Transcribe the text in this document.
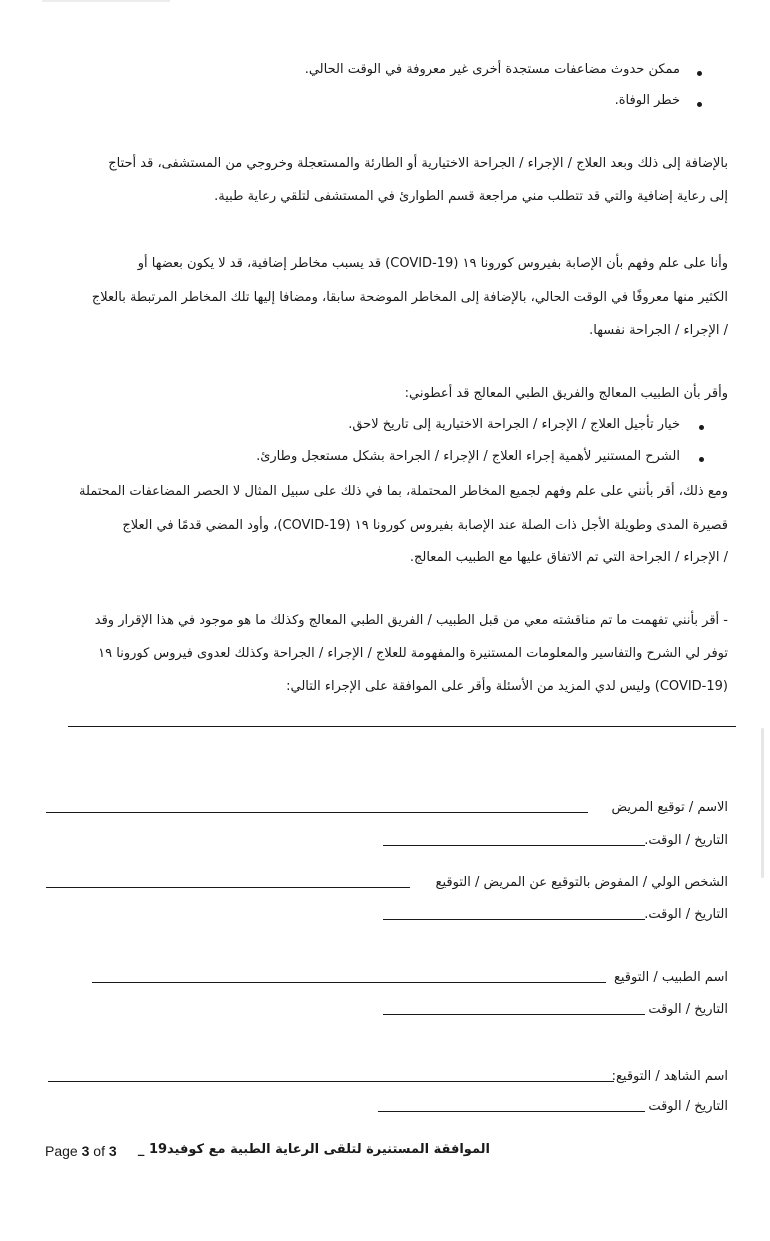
ممكن حدوث مضاعفات مستجدة أخرى غير معروفة في الوقت الحالي.
خطر الوفاة.
بالإضافة إلى ذلك وبعد العلاج / الإجراء / الجراحة الاختيارية أو الطارئة والمستعجلة وخروجي من المستشفى، قد أحتاج
إلى رعاية إضافية والتي قد تتطلب مني مراجعة قسم الطوارئ في المستشفى لتلقي رعاية طبية.
وأنا على علم وفهم بأن الإصابة بفيروس كورونا ١٩ (COVID-19) قد يسبب مخاطر إضافية، قد لا يكون بعضها أو
الكثير منها معروفًا في الوقت الحالي، بالإضافة إلى المخاطر الموضحة سابقا، ومضافا إليها تلك المخاطر المرتبطة بالعلاج
/ الإجراء / الجراحة نفسها.
وأقر بأن الطبيب المعالج والفريق الطبي المعالج قد أعطوني:
خيار تأجيل العلاج / الإجراء / الجراحة الاختيارية إلى تاريخ لاحق.
الشرح المستنير لأهمية إجراء العلاج / الإجراء / الجراحة بشكل مستعجل وطارئ.
ومع ذلك، أقر بأنني على علم وفهم لجميع المخاطر المحتملة، بما في ذلك على سبيل المثال لا الحصر المضاعفات المحتملة
قصيرة المدى وطويلة الأجل ذات الصلة عند الإصابة بفيروس كورونا ١٩ (COVID-19)، وأود المضي قدمًا في العلاج
/ الإجراء / الجراحة التي تم الاتفاق عليها مع الطبيب المعالج.
- أقر بأنني تفهمت ما تم مناقشته معي من قبل الطبيب / الفريق الطبي المعالج وكذلك ما هو موجود في هذا الإقرار وقد
توفر لي الشرح والتفاسير والمعلومات المستنيرة والمفهومة للعلاج / الإجراء / الجراحة وكذلك لعدوى فيروس كورونا ١٩
(COVID-19) وليس لدي المزيد من الأسئلة وأقر على الموافقة على الإجراء التالي:
الاسم / توقيع المريض
التاريخ / الوقت.
الشخص الولي / المفوض بالتوقيع عن المريض / التوقيع
التاريخ / الوقت.
اسم الطبيب / التوقيع
التاريخ / الوقت
اسم الشاهد / التوقيع:
التاريخ / الوقت
Page 3 of 3 الموافقة المستنيرة لتلقى الرعاية الطبية مع كوفيد19 _
